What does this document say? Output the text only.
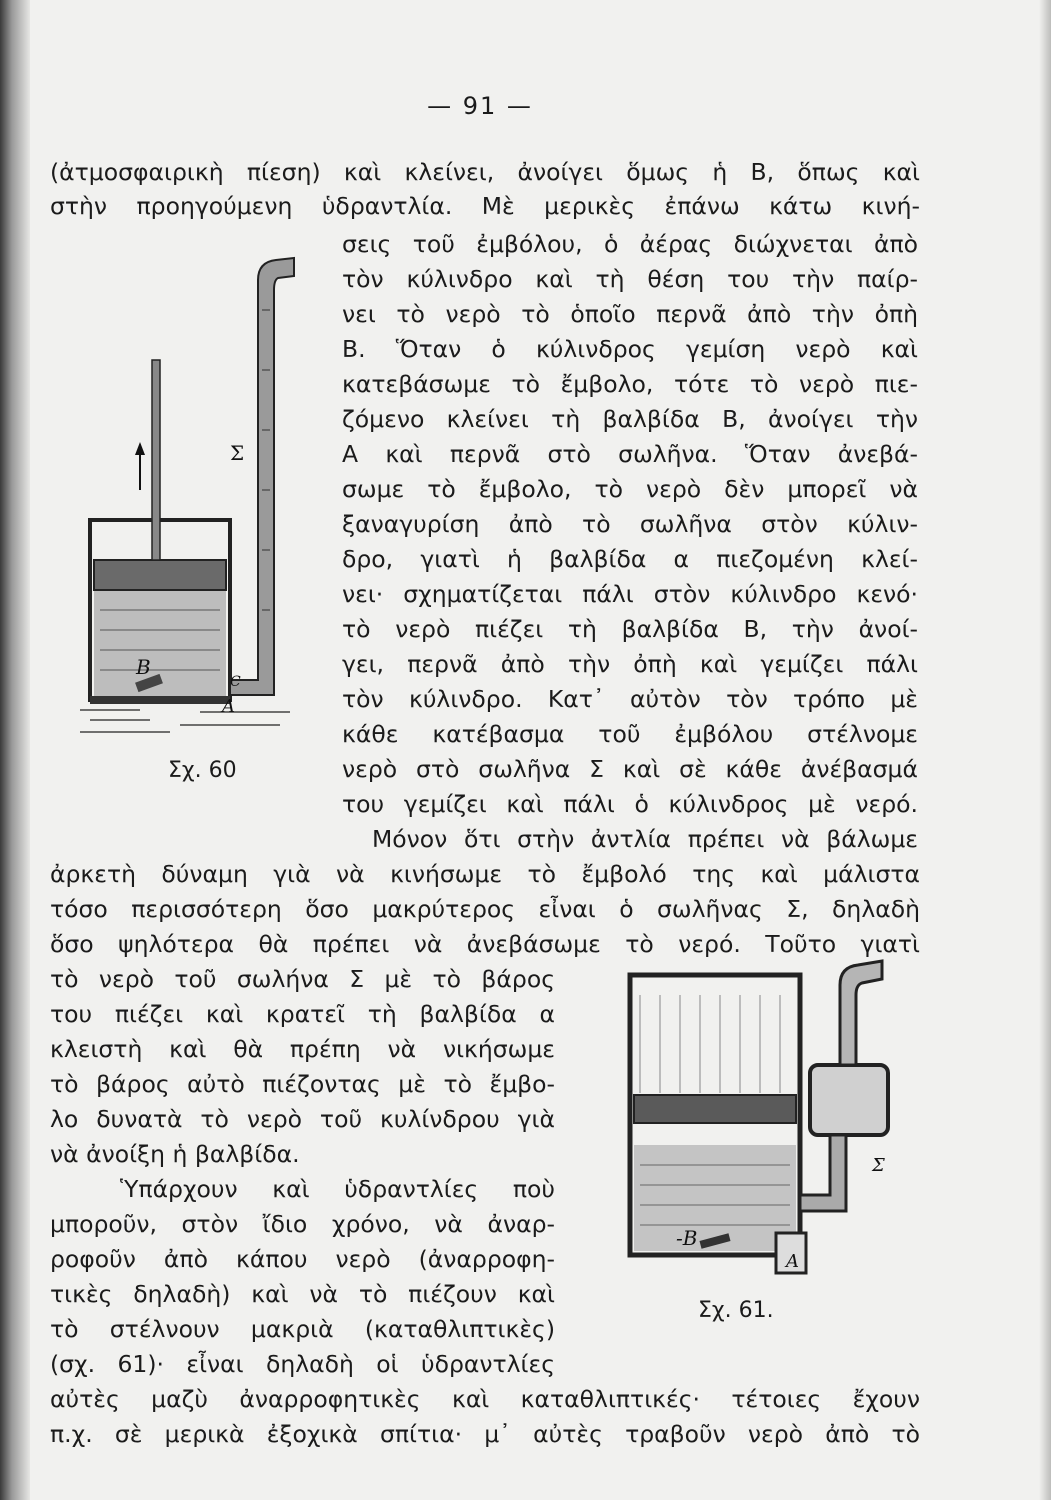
— 91 —
(ἀτμοσφαιρικὴ πίεση) καὶ κλείνει, ἀνοίγει ὅμως ἡ Β, ὅπως καὶ
στὴν προηγούμενη ὑδραντλία. Μὲ μερικὲς ἐπάνω κάτω κινή-
σεις τοῦ ἐμβόλου, ὁ ἀέρας διώχνεται ἀπὸ
τὸν κύλινδρο καὶ τὴ θέση του τὴν παίρ-
νει τὸ νερὸ τὸ ὁποῖο περνᾶ ἀπὸ τὴν ὀπὴ
Β. Ὅταν ὁ κύλινδρος γεμίση νερὸ καὶ
κατεβάσωμε τὸ ἔμβολο, τότε τὸ νερὸ πιε-
ζόμενο κλείνει τὴ βαλβίδα Β, ἀνοίγει τὴν
Α καὶ περνᾶ στὸ σωλῆνα. Ὅταν ἀνεβά-
σωμε τὸ ἔμβολο, τὸ νερὸ δὲν μπορεῖ νὰ
ξαναγυρίση ἀπὸ τὸ σωλῆνα στὸν κύλιν-
δρο, γιατὶ ἡ βαλβίδα α πιεζομένη κλεί-
νει· σχηματίζεται πάλι στὸν κύλινδρο κενό·
τὸ νερὸ πιέζει τὴ βαλβίδα Β, τὴν ἀνοί-
γει, περνᾶ ἀπὸ τὴν ὀπὴ καὶ γεμίζει πάλι
τὸν κύλινδρο. Κατ᾽ αὐτὸν τὸν τρόπο μὲ
κάθε κατέβασμα τοῦ ἐμβόλου στέλνομε
νερὸ στὸ σωλῆνα Σ καὶ σὲ κάθε ἀνέβασμά
του γεμίζει καὶ πάλι ὁ κύλινδρος μὲ νερό.
Μόνον ὅτι στὴν ἀντλία πρέπει νὰ βάλωμε
ἀρκετὴ δύναμη γιὰ νὰ κινήσωμε τὸ ἔμβολό της καὶ μάλιστα
τόσο περισσότερη ὅσο μακρύτερος εἶναι ὁ σωλῆνας Σ, δηλαδὴ
ὅσο ψηλότερα θὰ πρέπει νὰ ἀνεβάσωμε τὸ νερό. Τοῦτο γιατὶ
τὸ νερὸ τοῦ σωλήνα Σ μὲ τὸ βάρος
του πιέζει καὶ κρατεῖ τὴ βαλβίδα α
κλειστὴ καὶ θὰ πρέπη νὰ νικήσωμε
τὸ βάρος αὐτὸ πιέζοντας μὲ τὸ ἔμβο-
λο δυνατὰ τὸ νερὸ τοῦ κυλίνδρου γιὰ
νὰ ἀνοίξη ἡ βαλβίδα.
Ὑπάρχουν καὶ ὑδραντλίες ποὺ
μποροῦν, στὸν ἴδιο χρόνο, νὰ ἀναρ-
ροφοῦν ἀπὸ κάπου νερὸ (ἀναρροφη-
τικὲς δηλαδὴ) καὶ νὰ τὸ πιέζουν καὶ
τὸ στέλνουν μακριὰ (καταθλιπτικὲς)
(σχ. 61)· εἶναι δηλαδὴ οἱ ὑδραντλίες
αὐτὲς μαζὺ ἀναρροφητικὲς καὶ καταθλιπτικές· τέτοιες ἔχουν
π.χ. σὲ μερικὰ ἐξοχικὰ σπίτια· μ᾽ αὐτὲς τραβοῦν νερὸ ἀπὸ τὸ
Β
Α
C
Σ
Σχ. 60
-Β
Α
Σ
Σχ. 61.
